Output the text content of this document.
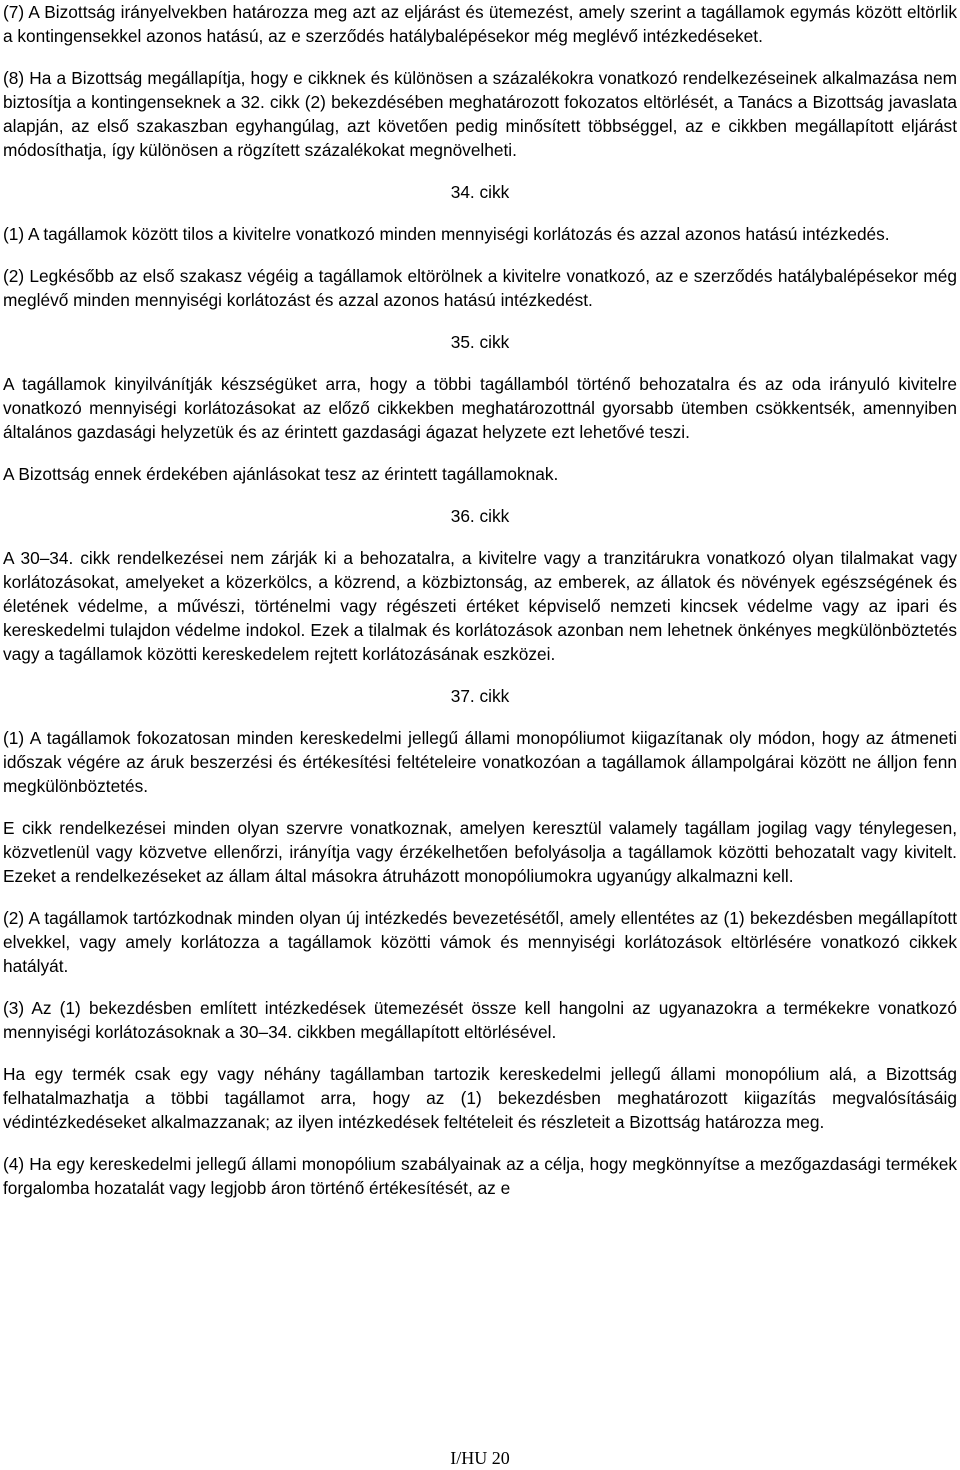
(7) A Bizottság irányelvekben határozza meg azt az eljárást és ütemezést, amely szerint a tagállamok egymás között eltörlik a kontingensekkel azonos hatású, az e szerződés hatálybalépésekor még meglévő intézkedéseket.

(8) Ha a Bizottság megállapítja, hogy e cikknek és különösen a százalékokra vonatkozó rendelkezéseinek alkalmazása nem biztosítja a kontingenseknek a 32. cikk (2) bekezdésében meghatározott fokozatos eltörlését, a Tanács a Bizottság javaslata alapján, az első szakaszban egyhangúlag, azt követően pedig minősített többséggel, az e cikkben megállapított eljárást módosíthatja, így különösen a rögzített százalékokat megnövelheti.

34. cikk

(1) A tagállamok között tilos a kivitelre vonatkozó minden mennyiségi korlátozás és azzal azonos hatású intézkedés.

(2) Legkésőbb az első szakasz végéig a tagállamok eltörölnek a kivitelre vonatkozó, az e szerződés hatálybalépésekor még meglévő minden mennyiségi korlátozást és azzal azonos hatású intézkedést.

35. cikk

A tagállamok kinyilvánítják készségüket arra, hogy a többi tagállamból történő behozatalra és az oda irányuló kivitelre vonatkozó mennyiségi korlátozásokat az előző cikkekben meghatározottnál gyorsabb ütemben csökkentsék, amennyiben általános gazdasági helyzetük és az érintett gazdasági ágazat helyzete ezt lehetővé teszi.

A Bizottság ennek érdekében ajánlásokat tesz az érintett tagállamoknak.

36. cikk

A 30–34. cikk rendelkezései nem zárják ki a behozatalra, a kivitelre vagy a tranzitárukra vonatkozó olyan tilalmakat vagy korlátozásokat, amelyeket a közerkölcs, a közrend, a közbiztonság, az emberek, az állatok és növények egészségének és életének védelme, a művészi, történelmi vagy régészeti értéket képviselő nemzeti kincsek védelme vagy az ipari és kereskedelmi tulajdon védelme indokol. Ezek a tilalmak és korlátozások azonban nem lehetnek önkényes megkülönböztetés vagy a tagállamok közötti kereskedelem rejtett korlátozásának eszközei.

37. cikk

(1) A tagállamok fokozatosan minden kereskedelmi jellegű állami monopóliumot kiigazítanak oly módon, hogy az átmeneti időszak végére az áruk beszerzési és értékesítési feltételeire vonatkozóan a tagállamok állampolgárai között ne álljon fenn megkülönböztetés.

E cikk rendelkezései minden olyan szervre vonatkoznak, amelyen keresztül valamely tagállam jogilag vagy ténylegesen, közvetlenül vagy közvetve ellenőrzi, irányítja vagy érzékelhetően befolyásolja a tagállamok közötti behozatalt vagy kivitelt. Ezeket a rendelkezéseket az állam által másokra átruházott monopóliumokra ugyanúgy alkalmazni kell.

(2) A tagállamok tartózkodnak minden olyan új intézkedés bevezetésétől, amely ellentétes az (1) bekezdésben megállapított elvekkel, vagy amely korlátozza a tagállamok közötti vámok és mennyiségi korlátozások eltörlésére vonatkozó cikkek hatályát.

(3) Az (1) bekezdésben említett intézkedések ütemezését össze kell hangolni az ugyanazokra a termékekre vonatkozó mennyiségi korlátozásoknak a 30–34. cikkben megállapított eltörlésével.

Ha egy termék csak egy vagy néhány tagállamban tartozik kereskedelmi jellegű állami monopólium alá, a Bizottság felhatalmazhatja a többi tagállamot arra, hogy az (1) bekezdésben meghatározott kiigazítás megvalósításáig védintézkedéseket alkalmazzanak; az ilyen intézkedések feltételeit és részleteit a Bizottság határozza meg.

(4) Ha egy kereskedelmi jellegű állami monopólium szabályainak az a célja, hogy megkönnyítse a mezőgazdasági termékek forgalomba hozatalát vagy legjobb áron történő értékesítését, az e

I/HU 20
